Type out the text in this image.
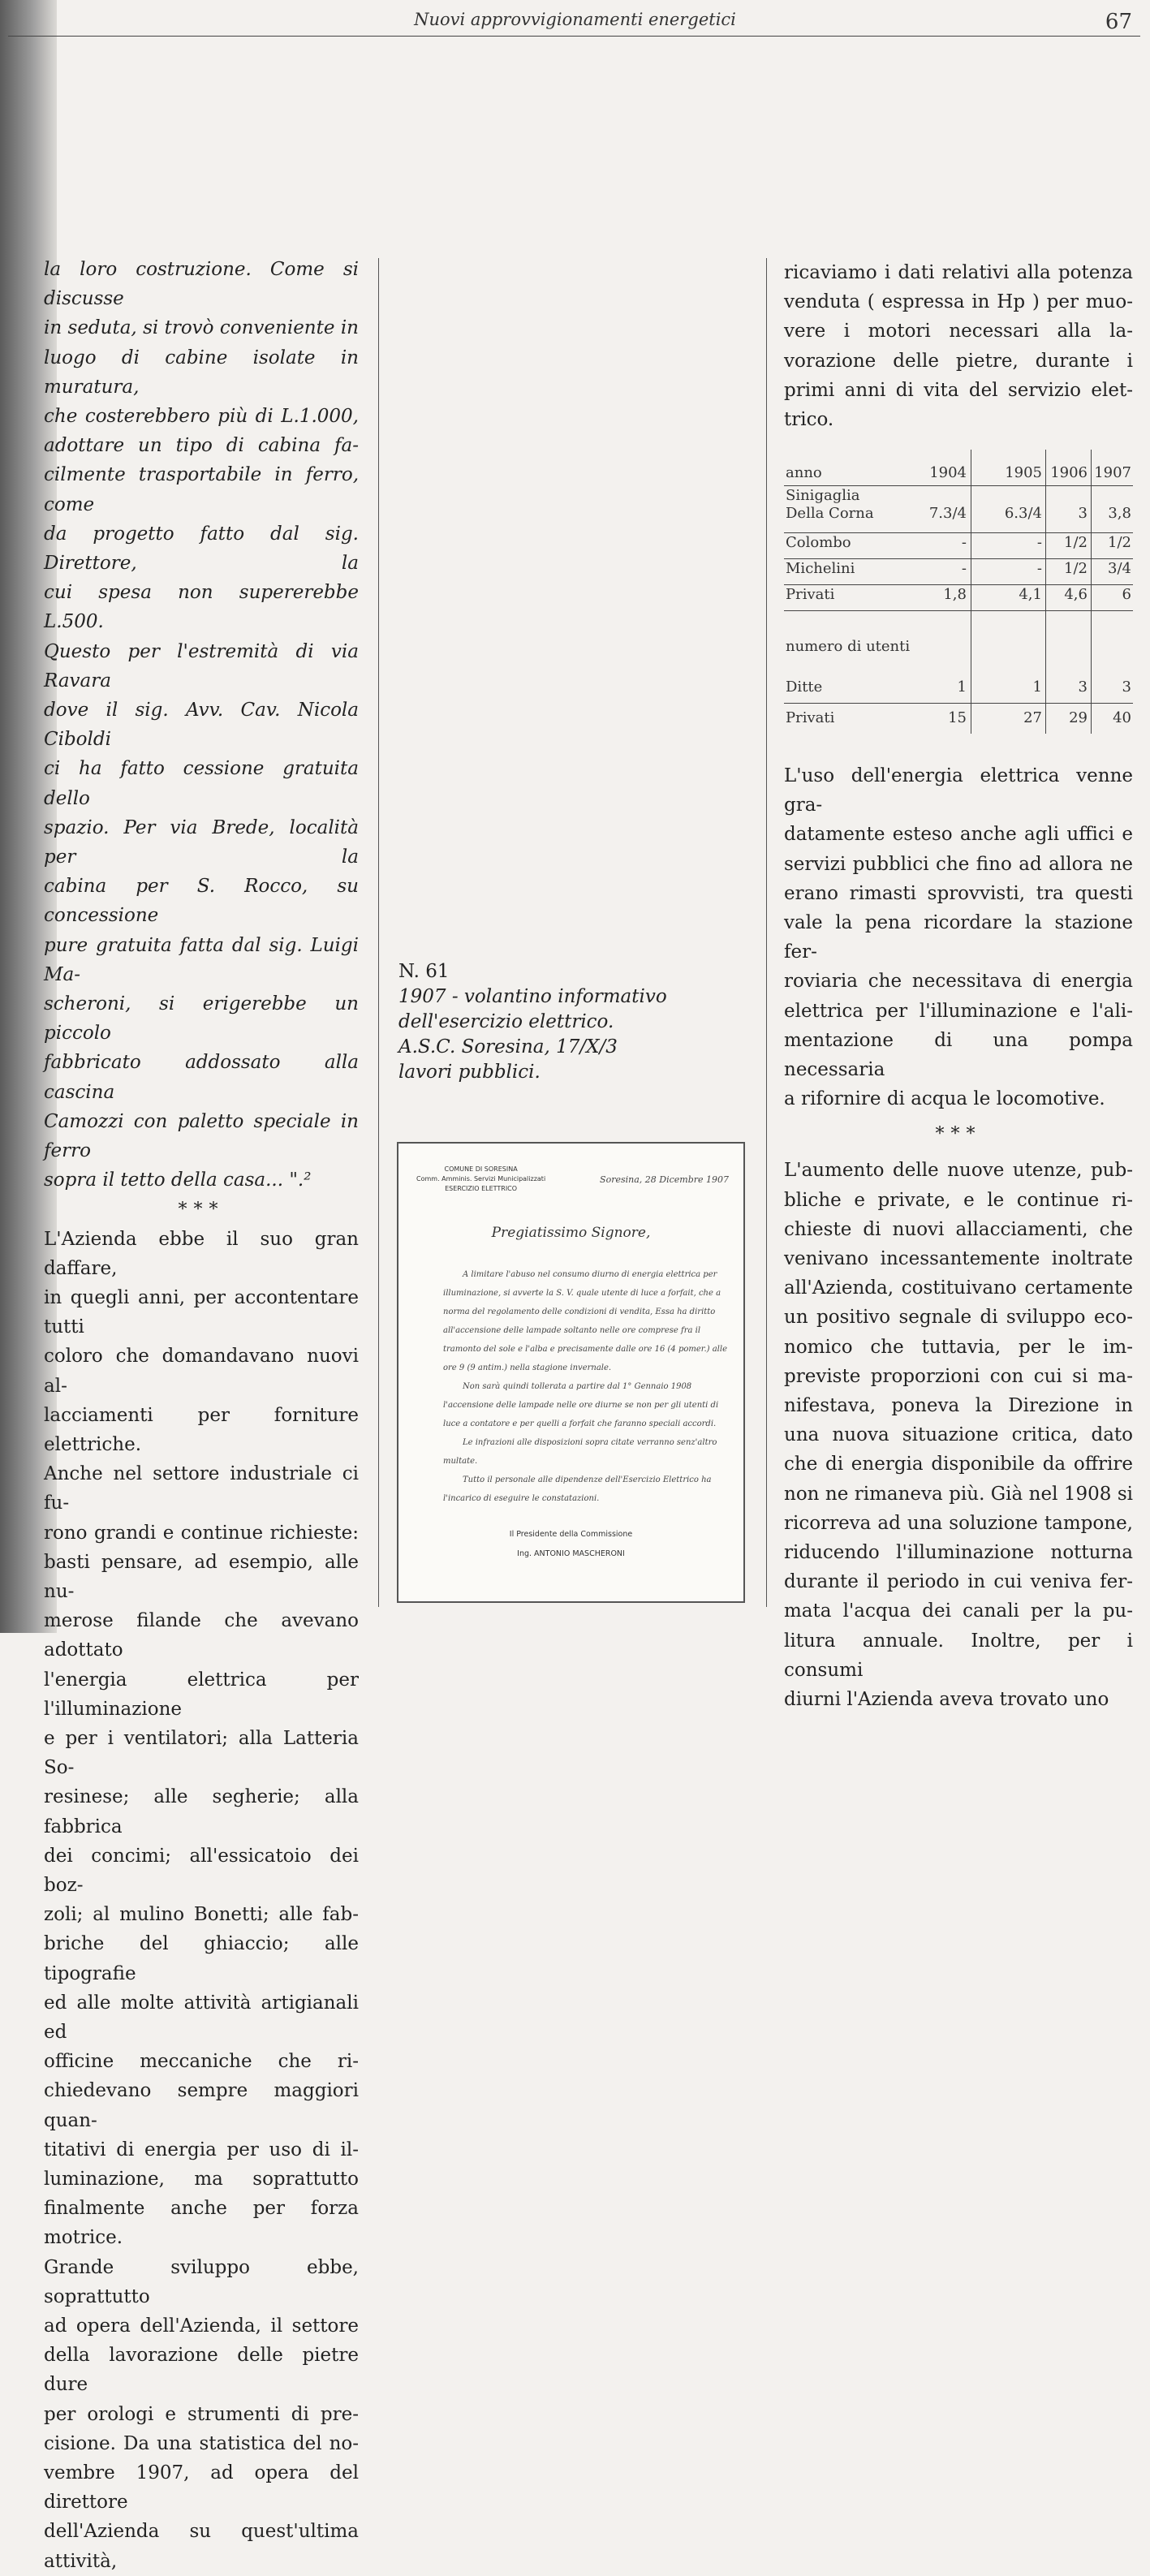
Nuovi approvvigionamenti energetici	67
la loro costruzione. Come si discusse
in seduta, si trovò conveniente in
luogo di cabine isolate in muratura,
che costerebbero più di L.1.000,
adottare un tipo di cabina fa-
cilmente trasportabile in ferro, come
da progetto fatto dal sig. Direttore, la
cui spesa non supererebbe L.500.
Questo per l'estremità di via Ravara
dove il sig. Avv. Cav. Nicola Ciboldi
ci ha fatto cessione gratuita dello
spazio. Per via Brede, località per la
cabina per S. Rocco, su concessione
pure gratuita fatta dal sig. Luigi Ma-
scheroni, si erigerebbe un piccolo
fabbricato addossato alla cascina
Camozzi con paletto speciale in ferro
sopra il tetto della casa... ".²

***

L'Azienda ebbe il suo gran daffare,
in quegli anni, per accontentare tutti
coloro che domandavano nuovi al-
lacciamenti per forniture elettriche.
Anche nel settore industriale ci fu-
rono grandi e continue richieste:
basti pensare, ad esempio, alle nu-
merose filande che avevano adottato
l'energia elettrica per l'illuminazione
e per i ventilatori; alla Latteria So-
resinese; alle segherie; alla fabbrica
dei concimi; all'essicatoio dei boz-
zoli; al mulino Bonetti; alle fab-
briche del ghiaccio; alle tipografie
ed alle molte attività artigianali ed
officine meccaniche che ri-
chiedevano sempre maggiori quan-
titativi di energia per uso di il-
luminazione, ma soprattutto
finalmente anche per forza motrice.
Grande sviluppo ebbe, soprattutto
ad opera dell'Azienda, il settore
della lavorazione delle pietre dure
per orologi e strumenti di pre-
cisione. Da una statistica del no-
vembre 1907, ad opera del direttore
dell'Azienda su quest'ultima attività,
N. 61
1907 - volantino informativo
dell'esercizio elettrico.
A.S.C. Soresina, 17/X/3
lavori pubblici.
COMUNE DI SORESINA
Comm. Amminis. Servizi Municipalizzati
ESERCIZIO ELETTRICO
Soresina, 28 Dicembre 1907
Pregiatissimo Signore,

A limitare l'abuso nel consumo diurno di energia elettrica per illuminazione, si avverte la S. V. quale utente di luce a forfait, che a norma del regolamento delle condizioni di vendita, Essa ha diritto all'accensione delle lampade soltanto nelle ore comprese fra il tramonto del sole e l'alba e precisamente dalle ore 16 (4 pomer.) alle ore 9 (9 antim.) nella stagione invernale.

Non sarà quindi tollerata a partire dal 1° Gennaio 1908 l'accensione delle lampade nelle ore diurne se non per gli utenti di luce a contatore e per quelli a forfait che faranno speciali accordi.

Le infrazioni alle disposizioni sopra citate verranno senz'altro multate.

Tutto il personale alle dipendenze dell'Esercizio Elettrico ha l'incarico di eseguire le constatazioni.

Il Presidente della Commissione
Ing. ANTONIO MASCHERONI
ricaviamo i dati relativi alla potenza
venduta ( espressa in Hp ) per muo-
vere i motori necessari alla la-
vorazione delle pietre, durante i
primi anni di vita del servizio elet-
trico.
anno	1904	1905 1906 1907
Sinigaglia
Della Corna	7.3/4	6.3/4 3 3,8
Colombo	-	- 1/2 1/2
Michelini	-	- 1/2 3/4
Privati	1,8	4,1 4,6 6
numero di utenti
Ditte	1	1 3 3
Privati	15	27 29 40
L'uso dell'energia elettrica venne gra-
datamente esteso anche agli uffici e
servizi pubblici che fino ad allora ne
erano rimasti sprovvisti, tra questi
vale la pena ricordare la stazione fer-
roviaria che necessitava di energia
elettrica per l'illuminazione e l'ali-
mentazione di una pompa necessaria
a rifornire di acqua le locomotive.

***

L'aumento delle nuove utenze, pub-
bliche e private, e le continue ri-
chieste di nuovi allacciamenti, che
venivano incessantemente inoltrate
all'Azienda, costituivano certamente
un positivo segnale di sviluppo eco-
nomico che tuttavia, per le im-
previste proporzioni con cui si ma-
nifestava, poneva la Direzione in
una nuova situazione critica, dato
che di energia disponibile da offrire
non ne rimaneva più. Già nel 1908 si
ricorreva ad una soluzione tampone,
riducendo l'illuminazione notturna
durante il periodo in cui veniva fer-
mata l'acqua dei canali per la pu-
litura annuale. Inoltre, per i consumi
diurni l'Azienda aveva trovato uno
